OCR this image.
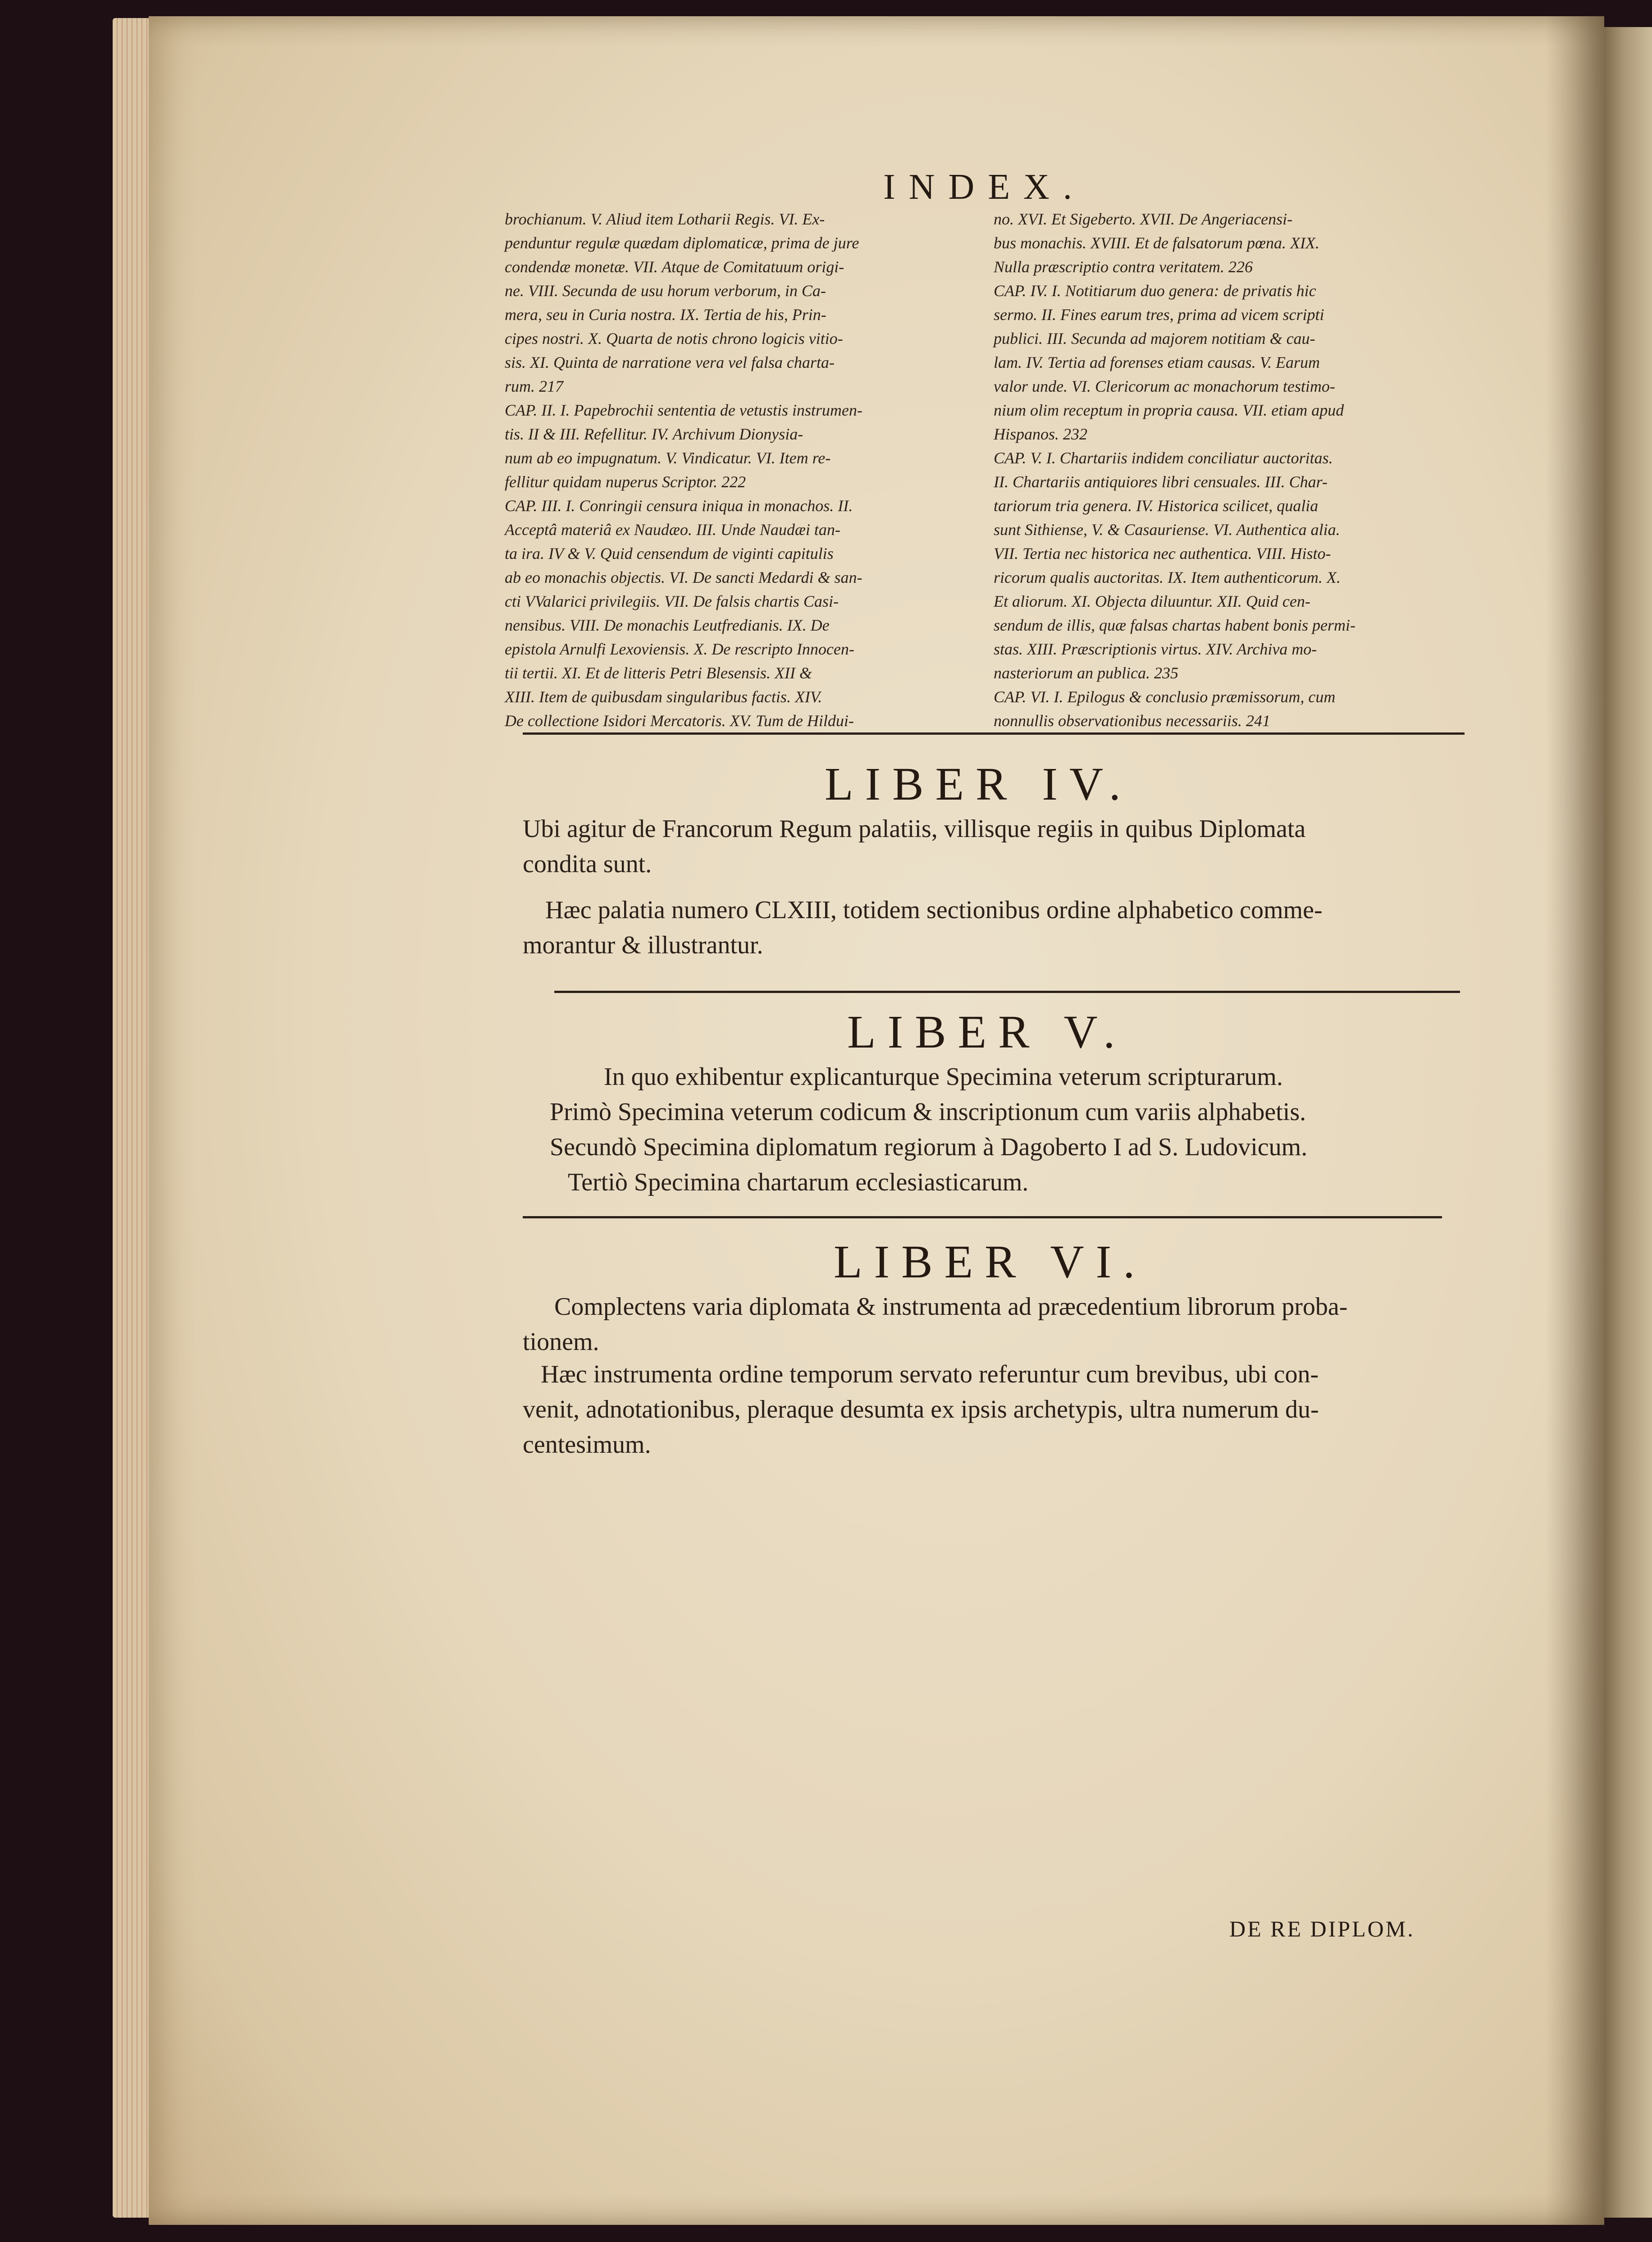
INDEX.
brochianum. V. Aliud item Lotharii Regis. VI. Ex-
penduntur regulæ quædam diplomaticæ, prima de jure
condendæ monetæ. VII. Atque de Comitatuum origi-
ne. VIII. Secunda de usu horum verborum, in Ca-
mera, seu in Curia nostra. IX. Tertia de his, Prin-
cipes nostri. X. Quarta de notis chrono logicis vitio-
sis. XI. Quinta de narratione vera vel falsa charta-
rum. 217
CAP. II. I. Papebrochii sententia de vetustis instrumen-
tis. II & III. Refellitur. IV. Archivum Dionysia-
num ab eo impugnatum. V. Vindicatur. VI. Item re-
fellitur quidam nuperus Scriptor. 222
CAP. III. I. Conringii censura iniqua in monachos. II.
Acceptâ materiâ ex Naudæo. III. Unde Naudæi tan-
ta ira. IV & V. Quid censendum de viginti capitulis
ab eo monachis objectis. VI. De sancti Medardi & san-
cti VValarici privilegiis. VII. De falsis chartis Casi-
nensibus. VIII. De monachis Leutfredianis. IX. De
epistola Arnulfi Lexoviensis. X. De rescripto Innocen-
tii tertii. XI. Et de litteris Petri Blesensis. XII &
XIII. Item de quibusdam singularibus factis. XIV.
De collectione Isidori Mercatoris. XV. Tum de Hildui-
no. XVI. Et Sigeberto. XVII. De Angeriacensi-
bus monachis. XVIII. Et de falsatorum pœna. XIX.
Nulla præscriptio contra veritatem. 226
CAP. IV. I. Notitiarum duo genera: de privatis hic
sermo. II. Fines earum tres, prima ad vicem scripti
publici. III. Secunda ad majorem notitiam & cau-
lam. IV. Tertia ad forenses etiam causas. V. Earum
valor unde. VI. Clericorum ac monachorum testimo-
nium olim receptum in propria causa. VII. etiam apud
Hispanos. 232
CAP. V. I. Chartariis indidem conciliatur auctoritas.
II. Chartariis antiquiores libri censuales. III. Char-
tariorum tria genera. IV. Historica scilicet, qualia
sunt Sithiense, V. & Casauriense. VI. Authentica alia.
VII. Tertia nec historica nec authentica. VIII. Histo-
ricorum qualis auctoritas. IX. Item authenticorum. X.
Et aliorum. XI. Objecta diluuntur. XII. Quid cen-
sendum de illis, quæ falsas chartas habent bonis permi-
stas. XIII. Præscriptionis virtus. XIV. Archiva mo-
nasteriorum an publica. 235
CAP. VI. I. Epilogus & conclusio præmissorum, cum
nonnullis observationibus necessariis. 241
LIBER IV.
Ubi agitur de Francorum Regum palatiis, villisque regiis in quibus Diplomata
condita sunt.
Hæc palatia numero CLXIII, totidem sectionibus ordine alphabetico comme-
morantur & illustrantur.
LIBER V.
In quo exhibentur explicanturque Specimina veterum scripturarum.
Primò Specimina veterum codicum & inscriptionum cum variis alphabetis.
Secundò Specimina diplomatum regiorum à Dagoberto I ad S. Ludovicum.
Tertiò Specimina chartarum ecclesiasticarum.
LIBER VI.
Complectens varia diplomata & instrumenta ad præcedentium librorum proba-
tionem.
Hæc instrumenta ordine temporum servato referuntur cum brevibus, ubi con-
venit, adnotationibus, pleraque desumta ex ipsis archetypis, ultra numerum du-
centesimum.
DE RE DIPLOM.
